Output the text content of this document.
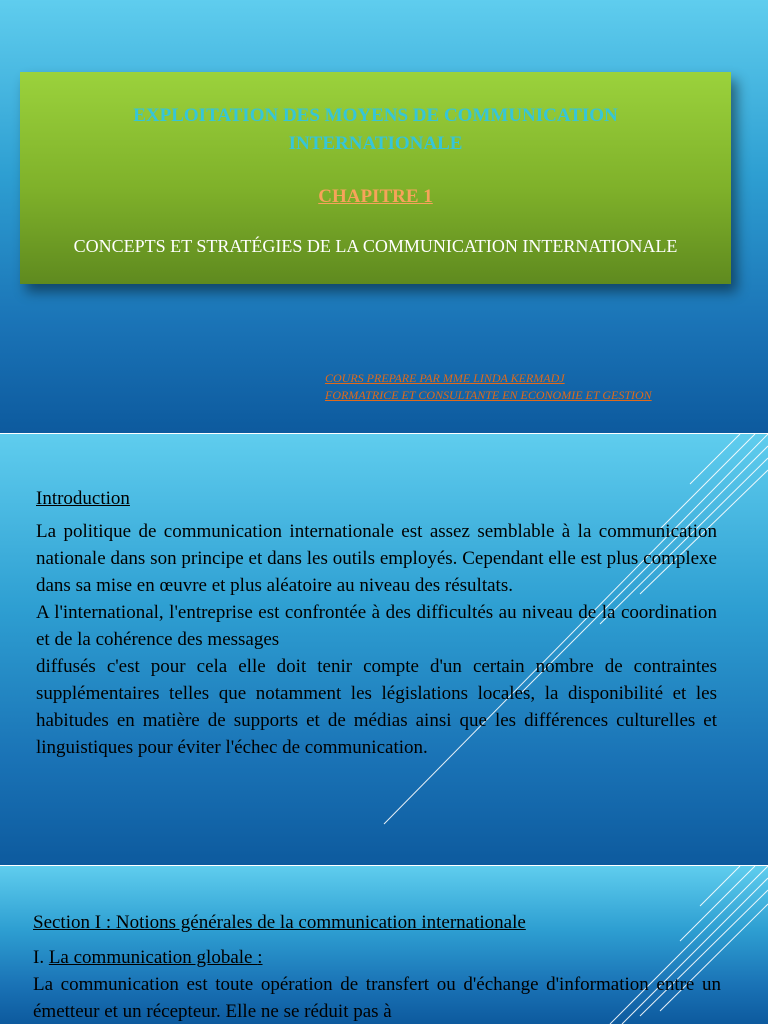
EXPLOITATION DES MOYENS DE COMMUNICATION INTERNATIONALE
CHAPITRE 1
CONCEPTS ET STRATÉGIES DE LA COMMUNICATION INTERNATIONALE
COURS PREPARE PAR MME LINDA KERMADJ
FORMATRICE ET CONSULTANTE EN ECONOMIE ET GESTION
Introduction

La politique de communication internationale est assez semblable à la communication nationale dans son principe et dans les outils employés. Cependant elle est plus complexe dans sa mise en œuvre et plus aléatoire au niveau des résultats.

A l'international, l'entreprise est confrontée à des difficultés au niveau de la coordination et de la cohérence des messages

diffusés c'est pour cela elle doit tenir compte d'un certain nombre de contraintes supplémentaires telles que notamment les législations locales, la disponibilité et les habitudes en matière de supports et de médias ainsi que les différences culturelles et linguistiques pour éviter l'échec de communication.

Section I : Notions générales de la communication internationale

I. La communication globale :

La communication est toute opération de transfert ou d'échange d'information entre un émetteur et un récepteur. Elle ne se réduit pas à
